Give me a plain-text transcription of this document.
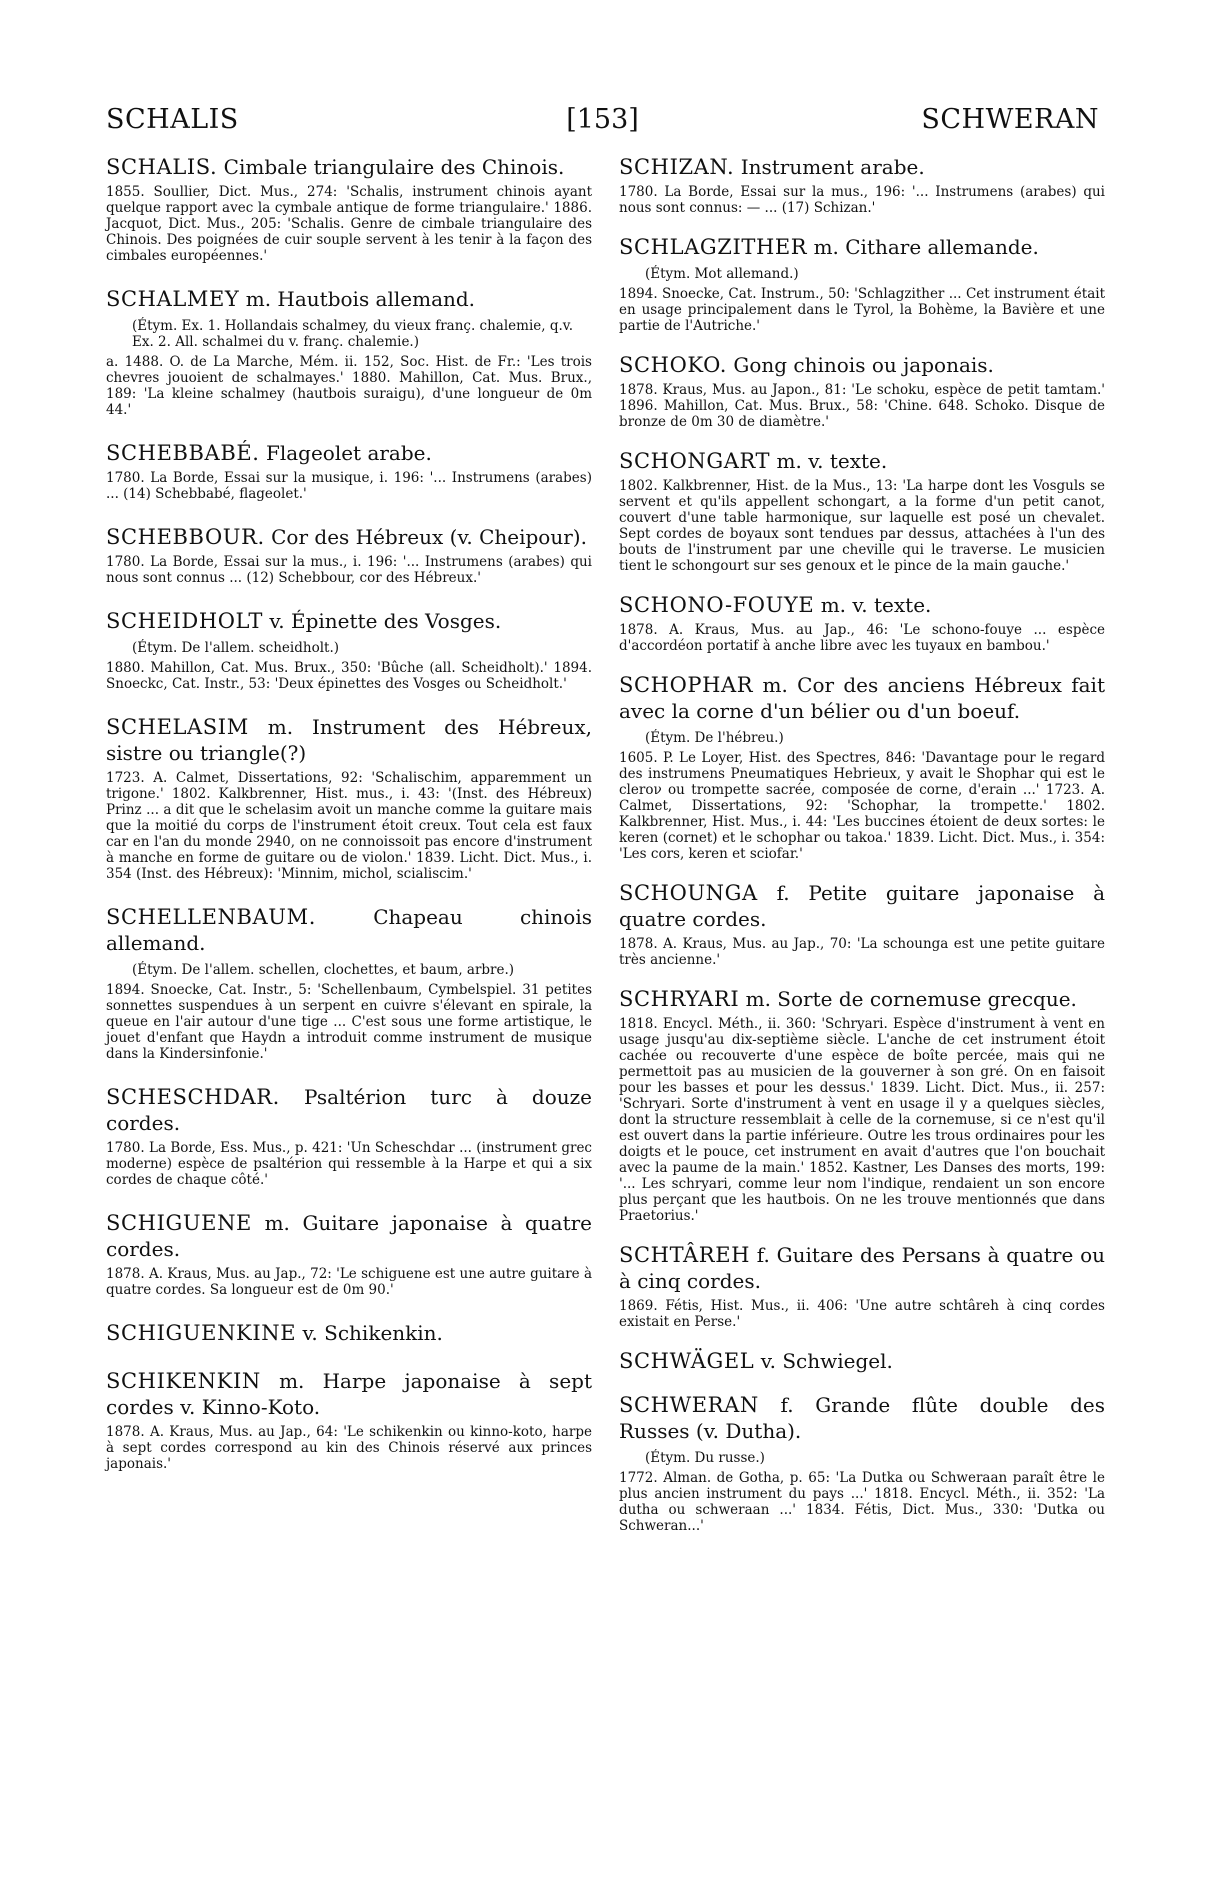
SCHALIS	[153]	SCHWERAN

SCHALIS. Cimbale triangulaire des Chinois.

1855. Soullier, Dict. Mus., 274: 'Schalis, instrument chinois ayant quelque rapport avec la cymbale antique de forme triangulaire.' 1886. Jacquot, Dict. Mus., 205: 'Schalis. Genre de cimbale triangulaire des Chinois. Des poignées de cuir souple servent à les tenir à la façon des cimbales européennes.'

SCHALMEY m. Hautbois allemand.

(Étym. Ex. 1. Hollandais schalmey, du vieux franç. chalemie, q.v. Ex. 2. All. schalmei du v. franç. chalemie.)

a. 1488. O. de La Marche, Mém. ii. 152, Soc. Hist. de Fr.: 'Les trois chevres jouoient de schalmayes.' 1880. Mahillon, Cat. Mus. Brux., 189: 'La kleine schalmey (hautbois suraigu), d'une longueur de 0m 44.'

SCHEBBABÉ. Flageolet arabe.

1780. La Borde, Essai sur la musique, i. 196: '... Instrumens (arabes) ... (14) Schebbabé, flageolet.'

SCHEBBOUR. Cor des Hébreux (v. Cheipour).

1780. La Borde, Essai sur la mus., i. 196: '... Instrumens (arabes) qui nous sont connus ... (12) Schebbour, cor des Hébreux.'

SCHEIDHOLT v. Épinette des Vosges.

(Étym. De l'allem. scheidholt.)

1880. Mahillon, Cat. Mus. Brux., 350: 'Bûche (all. Scheidholt).' 1894. Snoeckc, Cat. Instr., 53: 'Deux épinettes des Vosges ou Scheidholt.'

SCHELASIM m. Instrument des Hébreux, sistre ou triangle(?)

1723. A. Calmet, Dissertations, 92: 'Schalischim, apparemment un trigone.' 1802. Kalkbrenner, Hist. mus., i. 43: '(Inst. des Hébreux) Prinz ... a dit que le schelasim avoit un manche comme la guitare mais que la moitié du corps de l'instrument étoit creux. Tout cela est faux car en l'an du monde 2940, on ne connoissoit pas encore d'instrument à manche en forme de guitare ou de violon.' 1839. Licht. Dict. Mus., i. 354 (Inst. des Hébreux): 'Minnim, michol, scialiscim.'

SCHELLENBAUM.	Chapeau chinois allemand.

(Étym. De l'allem. schellen, clochettes, et baum, arbre.)

1894. Snoecke, Cat. Instr., 5: 'Schellenbaum, Cymbelspiel. 31 petites sonnettes suspendues à un serpent en cuivre s'élevant en spirale, la queue en l'air autour d'une tige ... C'est sous une forme artistique, le jouet d'enfant que Haydn a introduit comme instrument de musique dans la Kindersinfonie.'

SCHESCHDAR. Psaltérion turc à douze cordes.

1780. La Borde, Ess. Mus., p. 421: 'Un Scheschdar ... (instrument grec moderne) espèce de psaltérion qui ressemble à la Harpe et qui a six cordes de chaque côté.'

SCHIGUENE m. Guitare japonaise à quatre cordes.

1878. A. Kraus, Mus. au Jap., 72: 'Le schiguene est une autre guitare à quatre cordes. Sa longueur est de 0m 90.'

SCHIGUENKINE v. Schikenkin.

SCHIKENKIN m. Harpe japonaise à sept cordes v. Kinno-Koto.

1878. A. Kraus, Mus. au Jap., 64: 'Le schikenkin ou kinno-koto, harpe à sept cordes correspond au kin des Chinois réservé aux princes japonais.'

SCHIZAN. Instrument arabe.

1780. La Borde, Essai sur la mus., 196: '... Instrumens (arabes) qui nous sont connus: — ... (17) Schizan.'

SCHLAGZITHER m. Cithare allemande.

(Étym. Mot allemand.)

1894. Snoecke, Cat. Instrum., 50: 'Schlagzither ... Cet instrument était en usage principalement dans le Tyrol, la Bohème, la Bavière et une partie de l'Autriche.'

SCHOKO. Gong chinois ou japonais.

1878. Kraus, Mus. au Japon., 81: 'Le schoku, espèce de petit tamtam.' 1896. Mahillon, Cat. Mus. Brux., 58: 'Chine. 648. Schoko. Disque de bronze de 0m 30 de diamètre.'

SCHONGART m. v. texte.

1802. Kalkbrenner, Hist. de la Mus., 13: 'La harpe dont les Vosguls se servent et qu'ils appellent schongart, a la forme d'un petit canot, couvert d'une table harmonique, sur laquelle est posé un chevalet. Sept cordes de boyaux sont tendues par dessus, attachées à l'un des bouts de l'instrument par une cheville qui le traverse. Le musicien tient le schongourt sur ses genoux et le pince de la main gauche.'

SCHONO-FOUYE m. v. texte.

1878. A. Kraus, Mus. au Jap., 46: 'Le schono-fouye ... espèce d'accordéon portatif à anche libre avec les tuyaux en bambou.'

SCHOPHAR m. Cor des anciens Hébreux fait avec la corne d'un bélier ou d'un boeuf.

(Étym. De l'hébreu.)

1605. P. Le Loyer, Hist. des Spectres, 846: 'Davantage pour le regard des instrumens Pneumatiques Hebrieux, y avait le Shophar qui est le clerον ou trompette sacrée, composée de corne, d'erain ...' 1723. A. Calmet, Dissertations, 92: 'Schophar, la trompette.' 1802. Kalkbrenner, Hist. Mus., i. 44: 'Les buccines étoient de deux sortes: le keren (cornet) et le schophar ou takoa.' 1839. Licht. Dict. Mus., i. 354: 'Les cors, keren et sciofar.'

SCHOUNGA f. Petite guitare japonaise à quatre cordes.

1878. A. Kraus, Mus. au Jap., 70: 'La schounga est une petite guitare très ancienne.'

SCHRYARI m. Sorte de cornemuse grecque.

1818. Encycl. Méth., ii. 360: 'Schryari. Espèce d'instrument à vent en usage jusqu'au dix-septième siècle. L'anche de cet instrument étoit cachée ou recouverte d'une espèce de boîte percée, mais qui ne permettoit pas au musicien de la gouverner à son gré. On en faisoit pour les basses et pour les dessus.' 1839. Licht. Dict. Mus., ii. 257: 'Schryari. Sorte d'instrument à vent en usage il y a quelques siècles, dont la structure ressemblait à celle de la cornemuse, si ce n'est qu'il est ouvert dans la partie inférieure. Outre les trous ordinaires pour les doigts et le pouce, cet instrument en avait d'autres que l'on bouchait avec la paume de la main.' 1852. Kastner, Les Danses des morts, 199: '... Les schryari, comme leur nom l'indique, rendaient un son encore plus perçant que les hautbois. On ne les trouve mentionnés que dans Praetorius.'

SCHTÂREH f. Guitare des Persans à quatre ou à cinq cordes.

1869. Fétis, Hist. Mus., ii. 406: 'Une autre schtâreh à cinq cordes existait en Perse.'

SCHWÄGEL v. Schwiegel.

SCHWERAN f. Grande flûte double des Russes (v. Dutha).

(Étym. Du russe.)

1772. Alman. de Gotha, p. 65: 'La Dutka ou Schweraan paraît être le plus ancien instrument du pays ...' 1818. Encycl. Méth., ii. 352: 'La dutha ou schweraan ...' 1834. Fétis, Dict. Mus., 330: 'Dutka ou Schweran...'
